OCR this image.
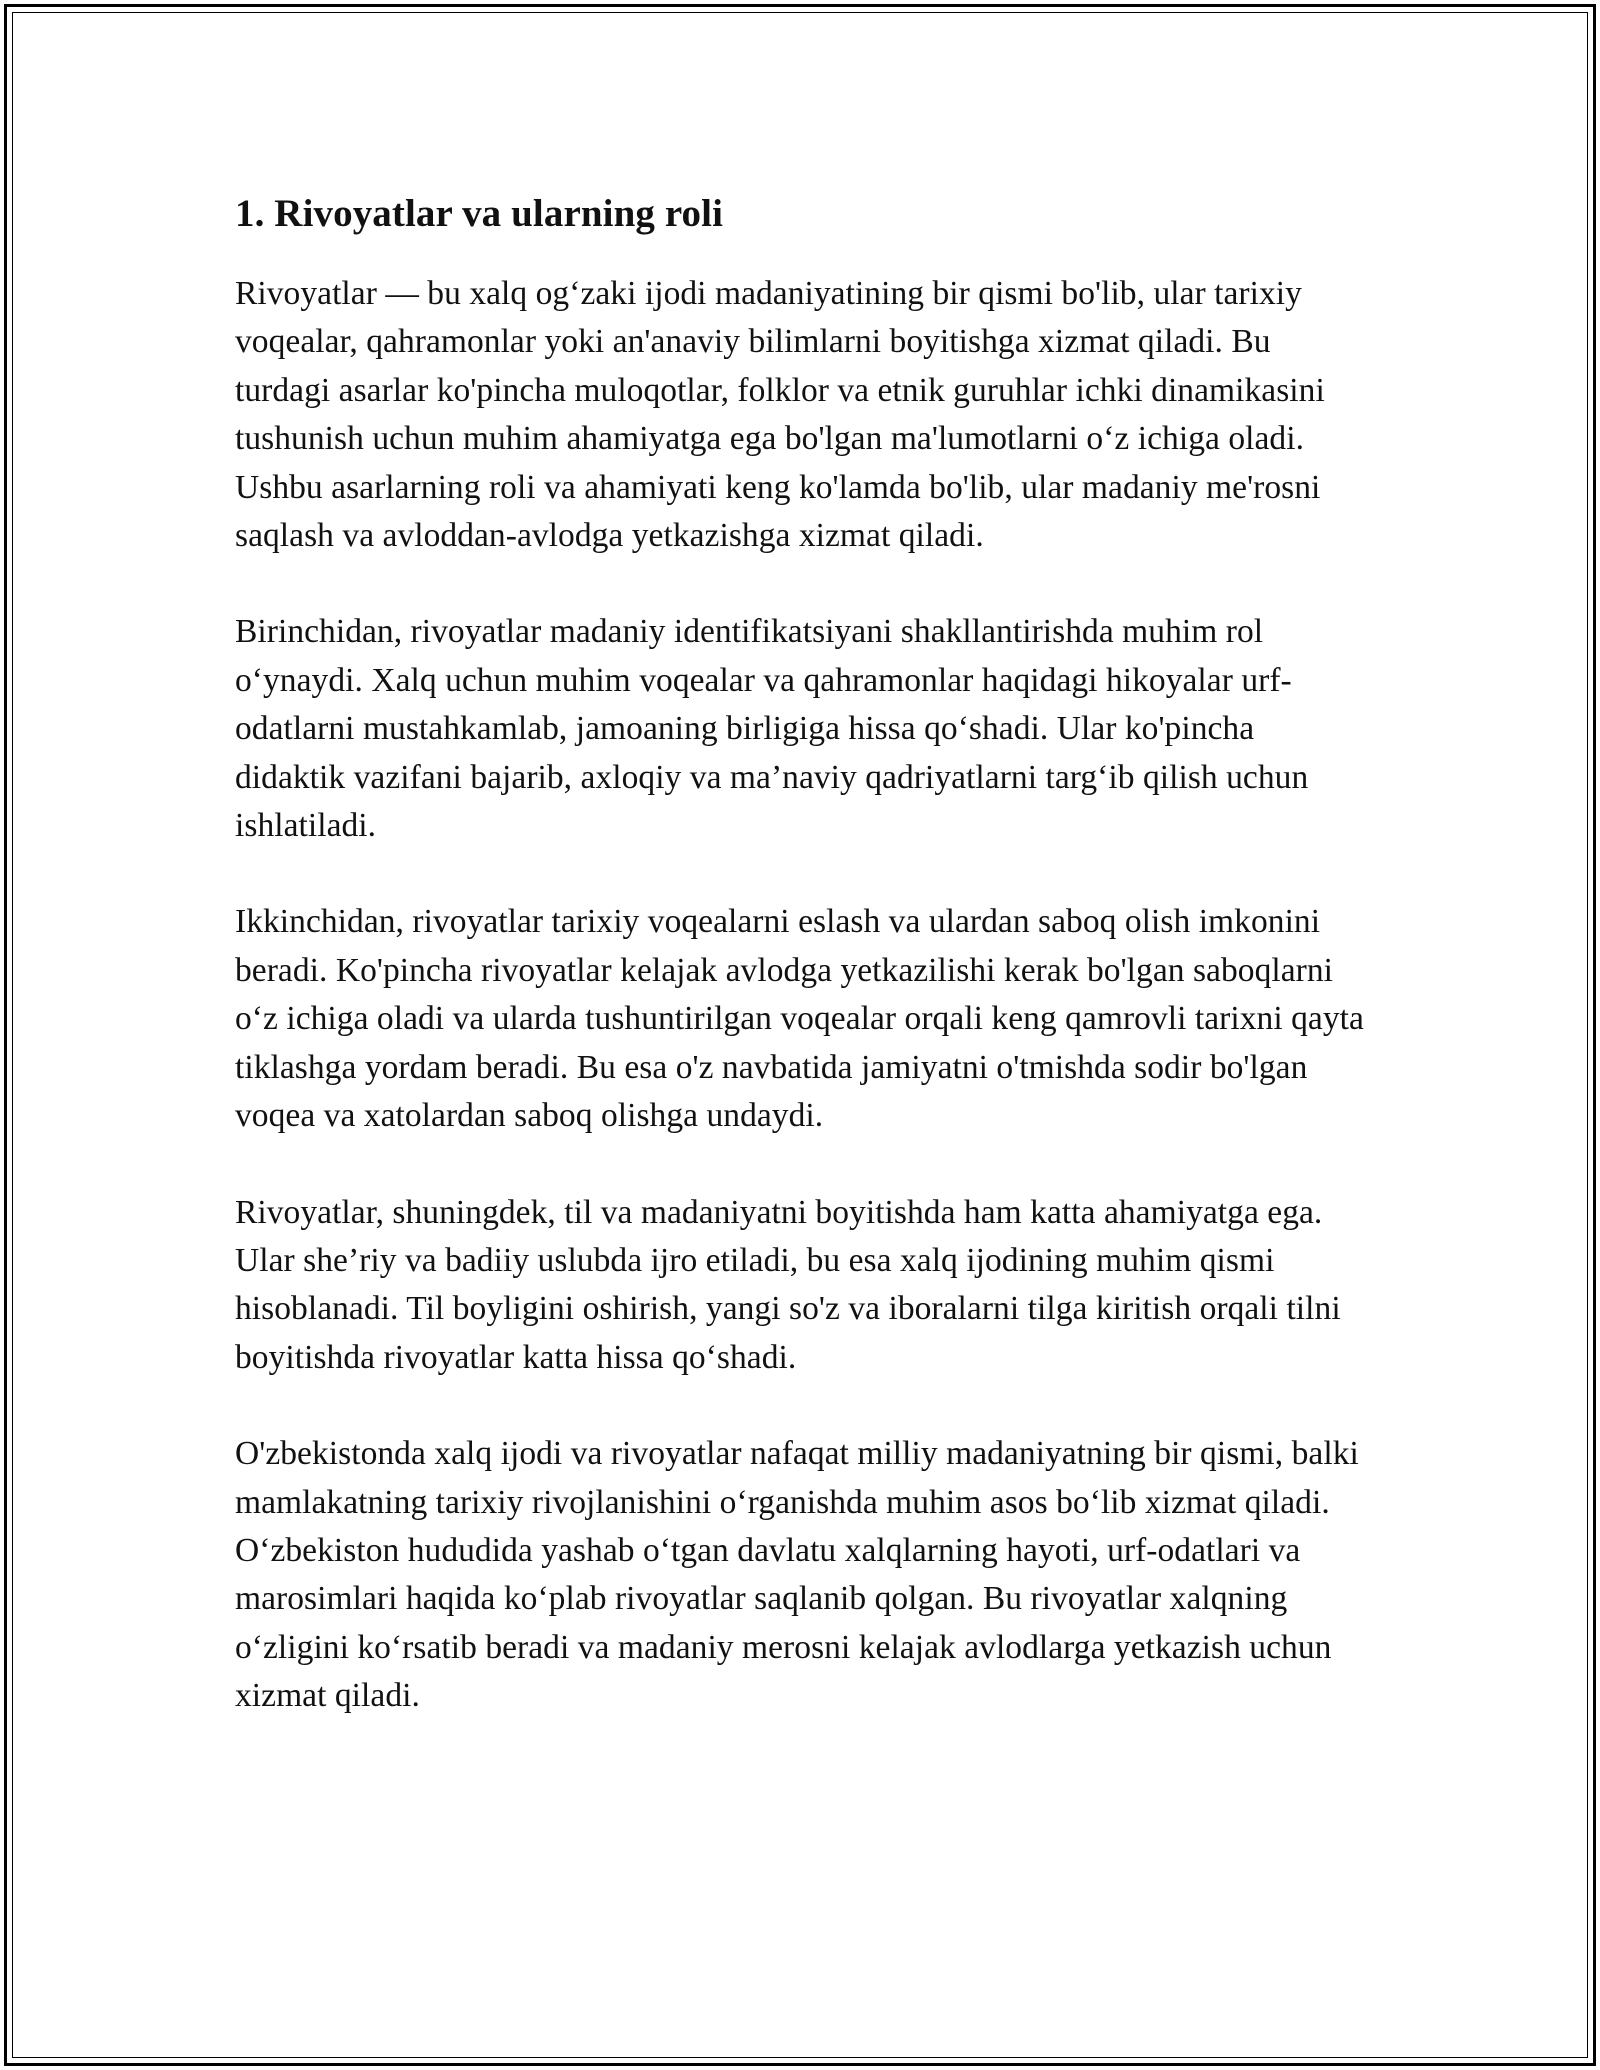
1. Rivoyatlar va ularning roli

Rivoyatlar — bu xalq ogʻzaki ijodi madaniyatining bir qismi bo'lib, ular tarixiy voqealar, qahramonlar yoki an'anaviy bilimlarni boyitishga xizmat qiladi. Bu turdagi asarlar ko'pincha muloqotlar, folklor va etnik guruhlar ichki dinamikasini tushunish uchun muhim ahamiyatga ega bo'lgan ma'lumotlarni oʻz ichiga oladi. Ushbu asarlarning roli va ahamiyati keng ko'lamda bo'lib, ular madaniy me'rosni saqlash va avloddan-avlodga yetkazishga xizmat qiladi.

Birinchidan, rivoyatlar madaniy identifikatsiyani shakllantirishda muhim rol oʻynaydi. Xalq uchun muhim voqealar va qahramonlar haqidagi hikoyalar urf-odatlarni mustahkamlab, jamoaning birligiga hissa qoʻshadi. Ular ko'pincha didaktik vazifani bajarib, axloqiy va ma’naviy qadriyatlarni targʻib qilish uchun ishlatiladi.

Ikkinchidan, rivoyatlar tarixiy voqealarni eslash va ulardan saboq olish imkonini beradi. Ko'pincha rivoyatlar kelajak avlodga yetkazilishi kerak bo'lgan saboqlarni oʻz ichiga oladi va ularda tushuntirilgan voqealar orqali keng qamrovli tarixni qayta tiklashga yordam beradi. Bu esa o'z navbatida jamiyatni o'tmishda sodir bo'lgan voqea va xatolardan saboq olishga undaydi.

Rivoyatlar, shuningdek, til va madaniyatni boyitishda ham katta ahamiyatga ega. Ular she’riy va badiiy uslubda ijro etiladi, bu esa xalq ijodining muhim qismi hisoblanadi. Til boyligini oshirish, yangi so'z va iboralarni tilga kiritish orqali tilni boyitishda rivoyatlar katta hissa qoʻshadi.

O'zbekistonda xalq ijodi va rivoyatlar nafaqat milliy madaniyatning bir qismi, balki mamlakatning tarixiy rivojlanishini oʻrganishda muhim asos boʻlib xizmat qiladi. Oʻzbekiston hududida yashab oʻtgan davlatu xalqlarning hayoti, urf-odatlari va marosimlari haqida koʻplab rivoyatlar saqlanib qolgan. Bu rivoyatlar xalqning oʻzligini koʻrsatib beradi va madaniy merosni kelajak avlodlarga yetkazish uchun xizmat qiladi.
